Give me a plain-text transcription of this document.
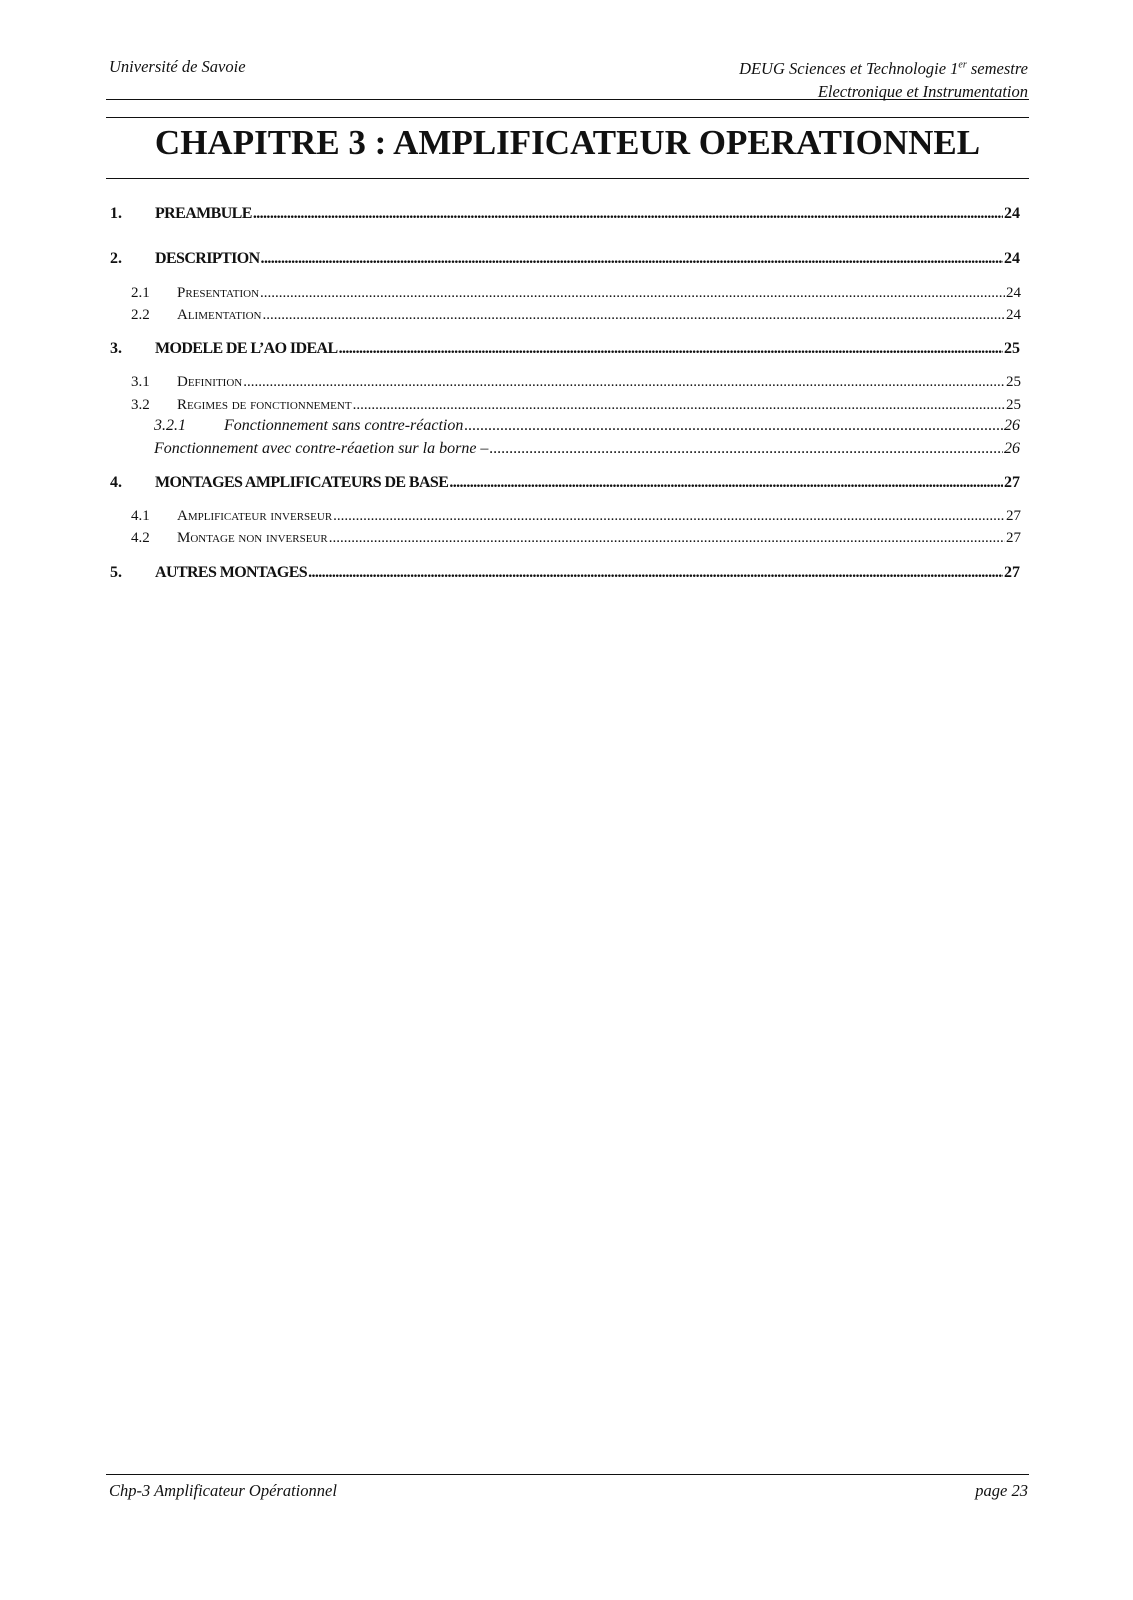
Université de Savoie	DEUG Sciences et Technologie 1er semestre
Electronique et Instrumentation
CHAPITRE 3 : AMPLIFICATEUR OPERATIONNEL
1.	PREAMBULE .....	24
2.	DESCRIPTION .....	24
2.1	Presentation .....	24
2.2	Alimentation .....	24
3.	MODELE DE L’AO IDEAL .....	25
3.1	Definition .....	25
3.2	Regimes de fonctionnement .....	25
3.2.1	Fonctionnement sans contre-réaction .....	26
Fonctionnement avec contre-réaetion sur la borne – .....	26
4.	MONTAGES AMPLIFICATEURS DE BASE .....	27
4.1	Amplificateur inverseur .....	27
4.2	Montage non inverseur .....	27
5.	AUTRES MONTAGES .....	27
Chp-3 Amplificateur Opérationnel	page 23
